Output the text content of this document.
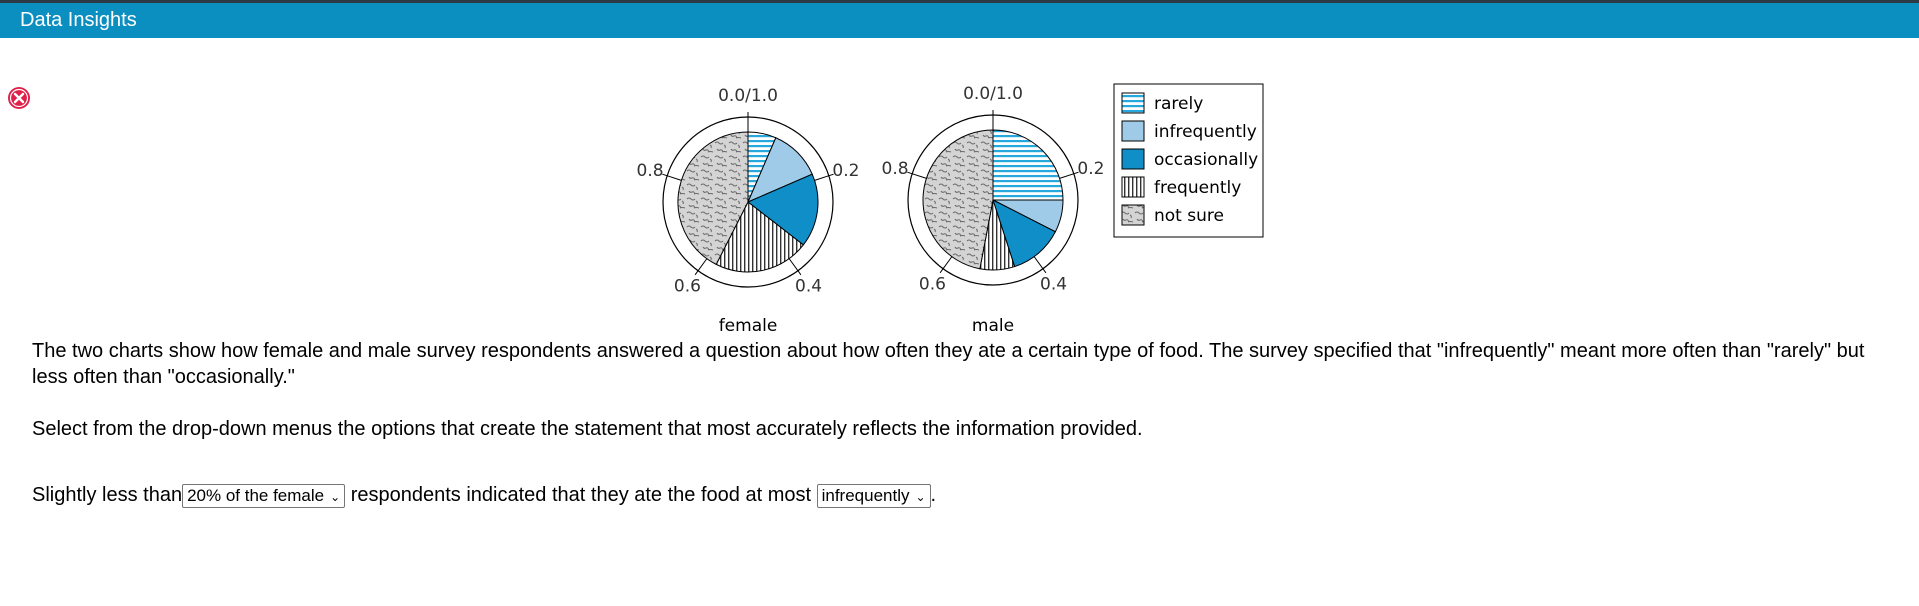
Data Insights
0.0/1.0
0.2
0.4
0.6
0.8
female
0.0/1.0
0.2
0.4
0.6
0.8
male
rarely
infrequently
occasionally
frequently
not sure
The two charts show how female and male survey respondents answered a question about how often they ate a certain type of food. The survey specified that "infrequently" meant more often than "rarely" but less often than "occasionally."
Select from the drop-down menus the options that create the statement that most accurately reflects the information provided.
Slightly less than 20% of the female ⌄ respondents indicated that they ate the food at most infrequently ⌄ .
